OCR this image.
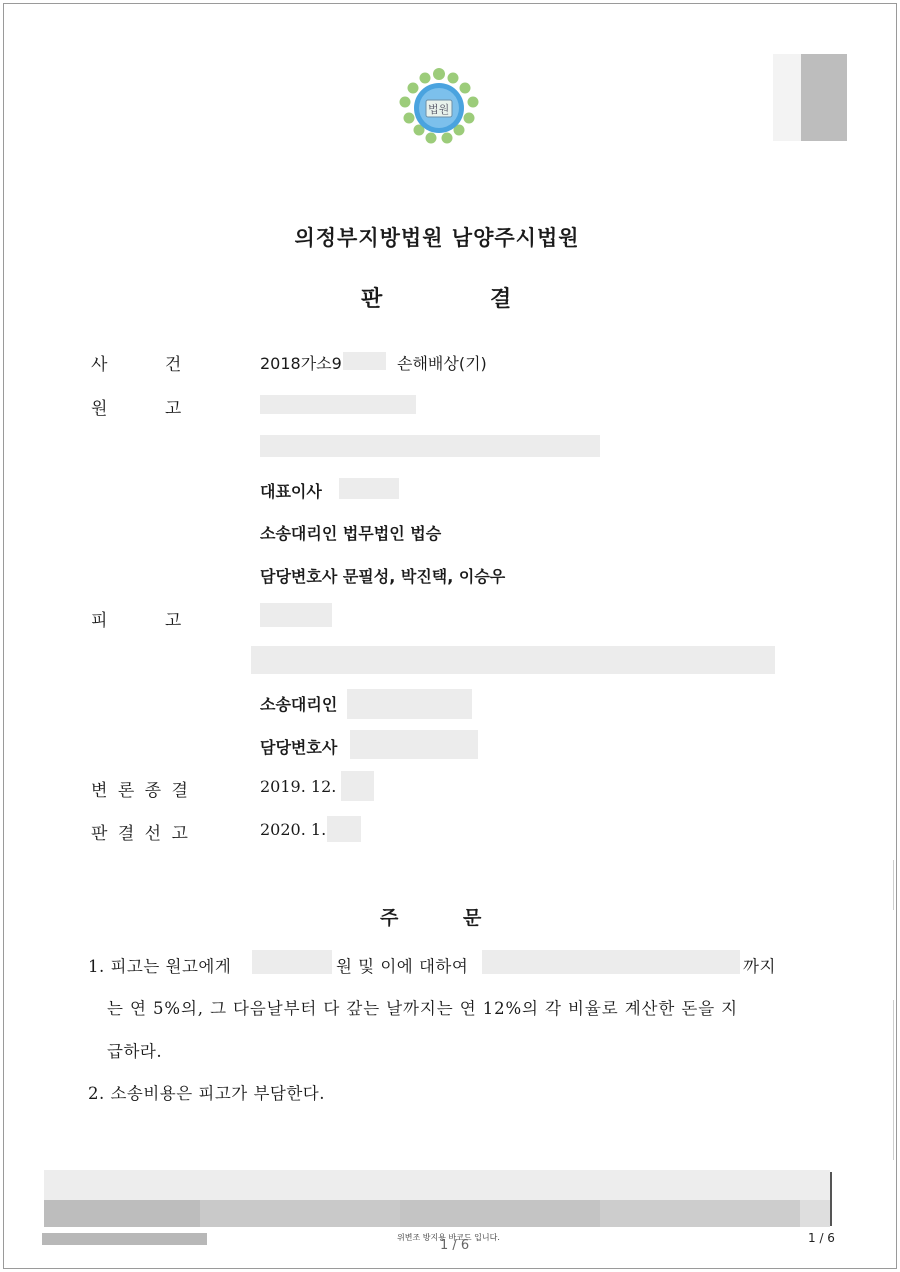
법원
의정부지방법원 남양주시법원
판	결
사 건	2018가소9	손해배상(기)
원 고
대표이사
소송대리인 법무법인 법승
담당변호사 문필성, 박진택, 이승우
피 고
소송대리인
담당변호사
변 론 종 결	2019. 12.
판 결 선 고	2020. 1.
주	문
1. 피고는 원고에게	원 및 이에 대하여	까지
는 연 5%의, 그 다음날부터 다 갚는 날까지는 연 12%의 각 비율로 계산한 돈을 지
급하라.
2. 소송비용은 피고가 부담한다.
위변조 방지용 바코드 입니다.
1 / 6	1 / 6
